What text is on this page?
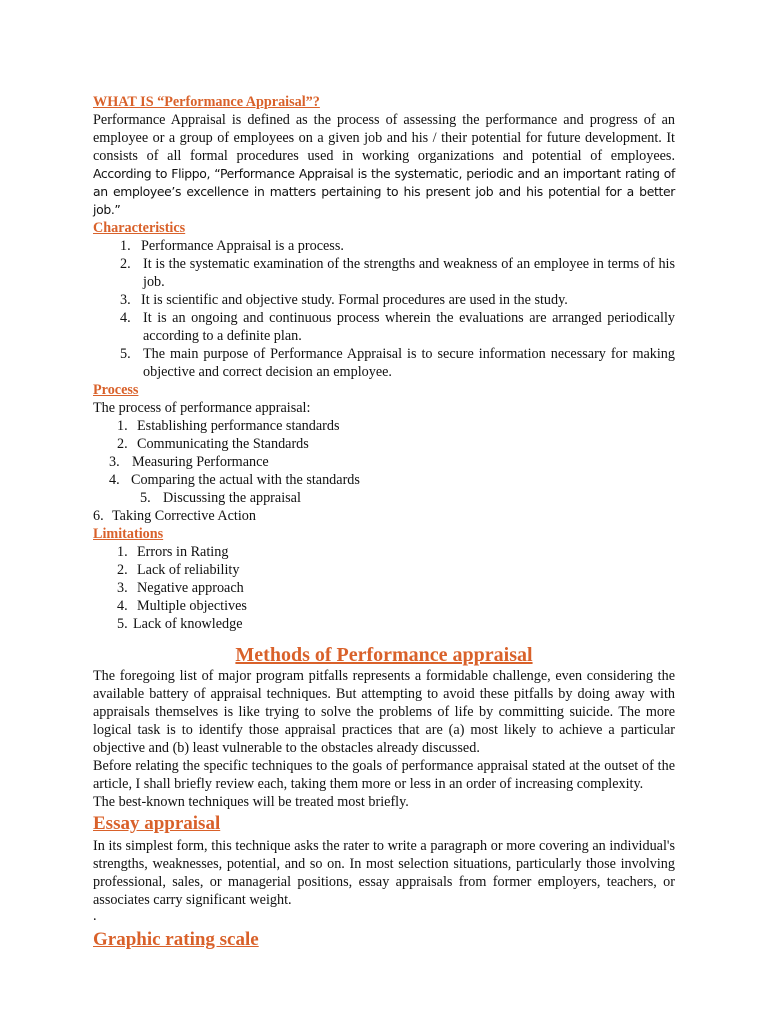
WHAT IS “Performance Appraisal”?

Performance Appraisal is defined as the process of assessing the performance and progress of an employee or a group of employees on a given job and his / their potential for future development. It consists of all formal procedures used in working organizations and potential of employees. According to Flippo, “Performance Appraisal is the systematic, periodic and an important rating of an employee’s excellence in matters pertaining to his present job and his potential for a better job.”

Characteristics

1. Performance Appraisal is a process.
2. It is the systematic examination of the strengths and weakness of an employee in terms of his job.
3. It is scientific and objective study. Formal procedures are used in the study.
4. It is an ongoing and continuous process wherein the evaluations are arranged periodically according to a definite plan.
5. The main purpose of Performance Appraisal is to secure information necessary for making objective and correct decision an employee.

Process

The process of performance appraisal:

1. Establishing performance standards
2. Communicating the Standards
3. Measuring Performance
4. Comparing the actual with the standards
5. Discussing the appraisal
6. Taking Corrective Action

Limitations

1. Errors in Rating
2. Lack of reliability
3. Negative approach
4. Multiple objectives
5. Lack of knowledge

Methods of Performance appraisal

The foregoing list of major program pitfalls represents a formidable challenge, even considering the available battery of appraisal techniques. But attempting to avoid these pitfalls by doing away with appraisals themselves is like trying to solve the problems of life by committing suicide. The more logical task is to identify those appraisal practices that are (a) most likely to achieve a particular objective and (b) least vulnerable to the obstacles already discussed.

Before relating the specific techniques to the goals of performance appraisal stated at the outset of the article, I shall briefly review each, taking them more or less in an order of increasing complexity.

The best-known techniques will be treated most briefly.

Essay appraisal

In its simplest form, this technique asks the rater to write a paragraph or more covering an individual's strengths, weaknesses, potential, and so on. In most selection situations, particularly those involving professional, sales, or managerial positions, essay appraisals from former employers, teachers, or associates carry significant weight.

.

Graphic rating scale
